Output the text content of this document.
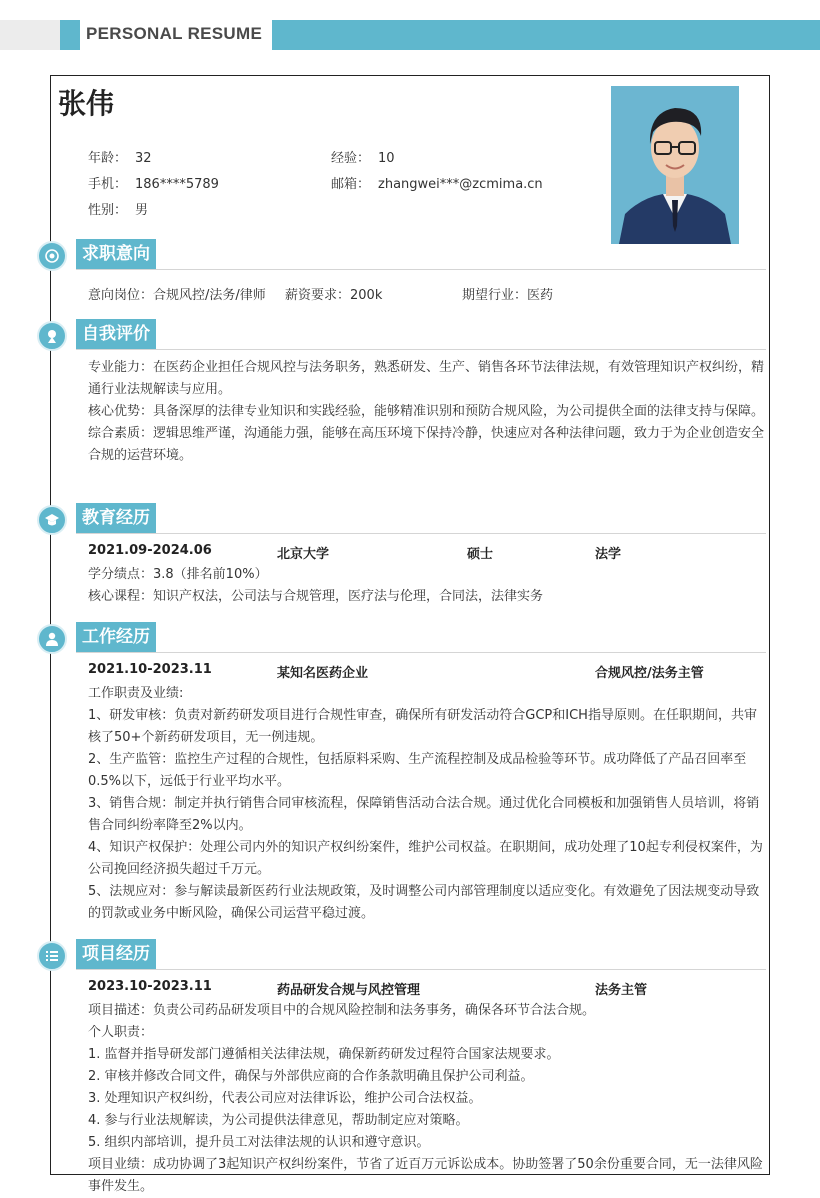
PERSONAL RESUME
张伟
年龄： 32	经验： 10
手机： 186****5789	邮箱： zhangwei***@zcmima.cn
性别： 男
求职意向
意向岗位：合规风控/法务/律师 薪资要求：200k	期望行业：医药
自我评价
专业能力：在医药企业担任合规风控与法务职务，熟悉研发、生产、销售各环节法律法规，有效管理知识产权纠纷，精通行业法规解读与应用。
核心优势：具备深厚的法律专业知识和实践经验，能够精准识别和预防合规风险，为公司提供全面的法律支持与保障。
综合素质：逻辑思维严谨，沟通能力强，能够在高压环境下保持冷静，快速应对各种法律问题，致力于为企业创造安全合规的运营环境。
教育经历
2021.09-2024.06	北京大学	硕士	法学
学分绩点：3.8（排名前10%）
核心课程：知识产权法，公司法与合规管理，医疗法与伦理，合同法，法律实务
工作经历
2021.10-2023.11	某知名医药企业	合规风控/法务主管
工作职责及业绩:
1、研发审核：负责对新药研发项目进行合规性审查，确保所有研发活动符合GCP和ICH指导原则。在任职期间，共审核了50+个新药研发项目，无一例违规。
2、生产监管：监控生产过程的合规性，包括原料采购、生产流程控制及成品检验等环节。成功降低了产品召回率至0.5%以下，远低于行业平均水平。
3、销售合规：制定并执行销售合同审核流程，保障销售活动合法合规。通过优化合同模板和加强销售人员培训，将销售合同纠纷率降至2%以内。
4、知识产权保护：处理公司内外的知识产权纠纷案件，维护公司权益。在职期间，成功处理了10起专利侵权案件，为公司挽回经济损失超过千万元。
5、法规应对：参与解读最新医药行业法规政策，及时调整公司内部管理制度以适应变化。有效避免了因法规变动导致的罚款或业务中断风险，确保公司运营平稳过渡。
项目经历
2023.10-2023.11	药品研发合规与风控管理	法务主管
项目描述：负责公司药品研发项目中的合规风险控制和法务事务，确保各环节合法合规。
个人职责：
1. 监督并指导研发部门遵循相关法律法规，确保新药研发过程符合国家法规要求。
2. 审核并修改合同文件，确保与外部供应商的合作条款明确且保护公司利益。
3. 处理知识产权纠纷，代表公司应对法律诉讼，维护公司合法权益。
4. 参与行业法规解读，为公司提供法律意见，帮助制定应对策略。
5. 组织内部培训，提升员工对法律法规的认识和遵守意识。
项目业绩：成功协调了3起知识产权纠纷案件，节省了近百万元诉讼成本。协助签署了50余份重要合同，无一法律风险事件发生。
